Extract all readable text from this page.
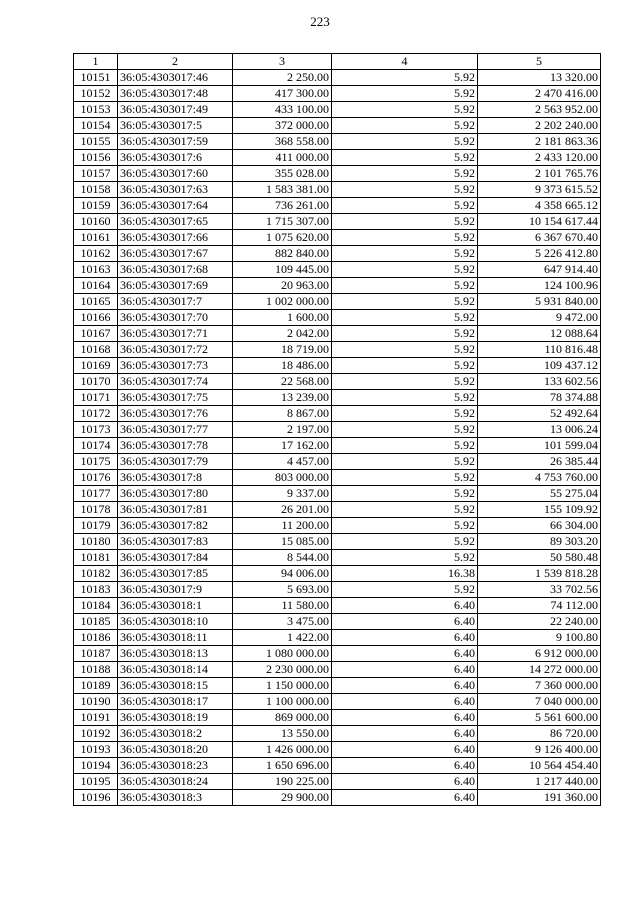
223
1	2	3	4	5
10151	36:05:4303017:46	2 250.00	5.92	13 320.00
10152	36:05:4303017:48	417 300.00	5.92	2 470 416.00
10153	36:05:4303017:49	433 100.00	5.92	2 563 952.00
10154	36:05:4303017:5	372 000.00	5.92	2 202 240.00
10155	36:05:4303017:59	368 558.00	5.92	2 181 863.36
10156	36:05:4303017:6	411 000.00	5.92	2 433 120.00
10157	36:05:4303017:60	355 028.00	5.92	2 101 765.76
10158	36:05:4303017:63	1 583 381.00	5.92	9 373 615.52
10159	36:05:4303017:64	736 261.00	5.92	4 358 665.12
10160	36:05:4303017:65	1 715 307.00	5.92	10 154 617.44
10161	36:05:4303017:66	1 075 620.00	5.92	6 367 670.40
10162	36:05:4303017:67	882 840.00	5.92	5 226 412.80
10163	36:05:4303017:68	109 445.00	5.92	647 914.40
10164	36:05:4303017:69	20 963.00	5.92	124 100.96
10165	36:05:4303017:7	1 002 000.00	5.92	5 931 840.00
10166	36:05:4303017:70	1 600.00	5.92	9 472.00
10167	36:05:4303017:71	2 042.00	5.92	12 088.64
10168	36:05:4303017:72	18 719.00	5.92	110 816.48
10169	36:05:4303017:73	18 486.00	5.92	109 437.12
10170	36:05:4303017:74	22 568.00	5.92	133 602.56
10171	36:05:4303017:75	13 239.00	5.92	78 374.88
10172	36:05:4303017:76	8 867.00	5.92	52 492.64
10173	36:05:4303017:77	2 197.00	5.92	13 006.24
10174	36:05:4303017:78	17 162.00	5.92	101 599.04
10175	36:05:4303017:79	4 457.00	5.92	26 385.44
10176	36:05:4303017:8	803 000.00	5.92	4 753 760.00
10177	36:05:4303017:80	9 337.00	5.92	55 275.04
10178	36:05:4303017:81	26 201.00	5.92	155 109.92
10179	36:05:4303017:82	11 200.00	5.92	66 304.00
10180	36:05:4303017:83	15 085.00	5.92	89 303.20
10181	36:05:4303017:84	8 544.00	5.92	50 580.48
10182	36:05:4303017:85	94 006.00	16.38	1 539 818.28
10183	36:05:4303017:9	5 693.00	5.92	33 702.56
10184	36:05:4303018:1	11 580.00	6.40	74 112.00
10185	36:05:4303018:10	3 475.00	6.40	22 240.00
10186	36:05:4303018:11	1 422.00	6.40	9 100.80
10187	36:05:4303018:13	1 080 000.00	6.40	6 912 000.00
10188	36:05:4303018:14	2 230 000.00	6.40	14 272 000.00
10189	36:05:4303018:15	1 150 000.00	6.40	7 360 000.00
10190	36:05:4303018:17	1 100 000.00	6.40	7 040 000.00
10191	36:05:4303018:19	869 000.00	6.40	5 561 600.00
10192	36:05:4303018:2	13 550.00	6.40	86 720.00
10193	36:05:4303018:20	1 426 000.00	6.40	9 126 400.00
10194	36:05:4303018:23	1 650 696.00	6.40	10 564 454.40
10195	36:05:4303018:24	190 225.00	6.40	1 217 440.00
10196	36:05:4303018:3	29 900.00	6.40	191 360.00
